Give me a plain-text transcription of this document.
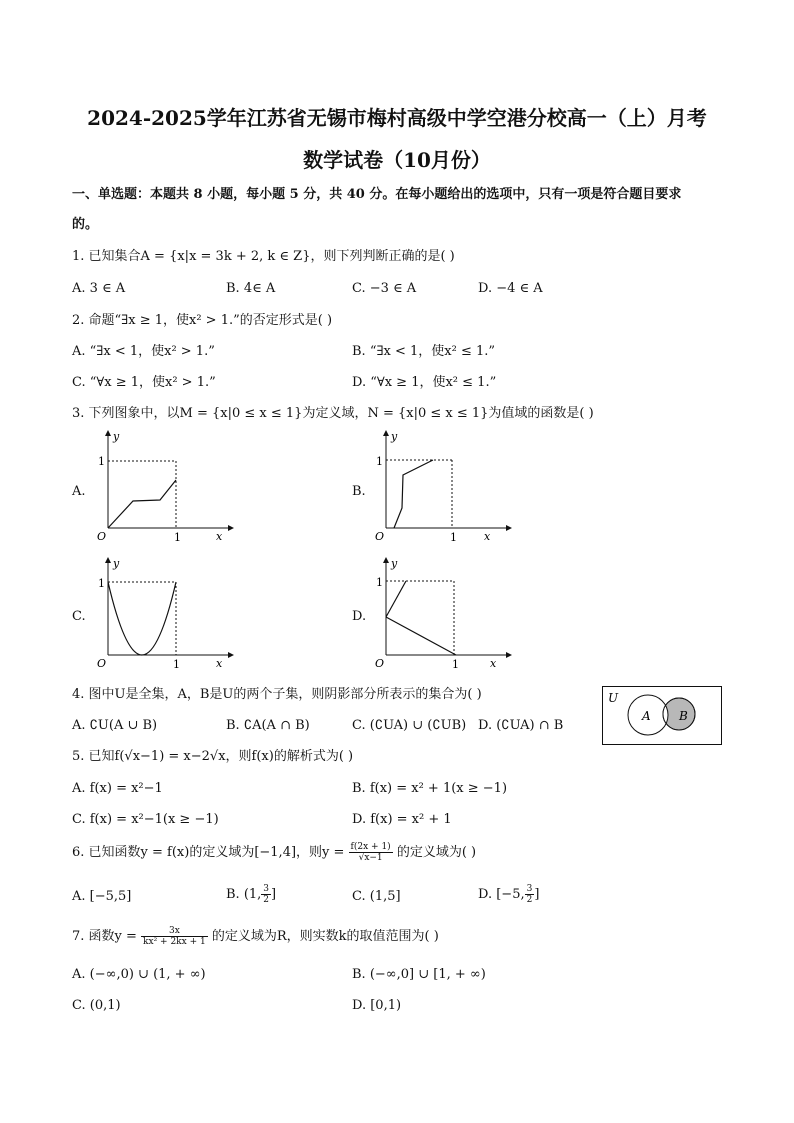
2024-2025学年江苏省无锡市梅村高级中学空港分校高一（上）月考
数学试卷（10月份）
一、单选题：本题共 8 小题，每小题 5 分，共 40 分。在每小题给出的选项中，只有一项是符合题目要求
的。
1. 已知集合A = {x|x = 3k + 2, k ∈ Z}，则下列判断正确的是( )
A. 3 ∈ A	B. 4∈ A	C. −3 ∈ A	D. −4 ∈ A
2. 命题“∃x ≥ 1，使x² > 1.”的否定形式是( )
A. “∃x < 1，使x² > 1.”	B. “∃x < 1，使x² ≤ 1.”
C. “∀x ≥ 1，使x² > 1.”	D. “∀x ≥ 1，使x² ≤ 1.”
3. 下列图象中，以M = {x|0 ≤ x ≤ 1}为定义域，N = {x|0 ≤ x ≤ 1}为值域的函数是( )
A.	B.
C.	D.
y
x
O	1
1
y
x
O	1
1
y
x
O	1
1
y
x
O	1
1
4. 图中U是全集，A，B是U的两个子集，则阴影部分所表示的集合为( )
A. ∁U(A ∪ B)	B. ∁A(A ∩ B)	C. (∁UA) ∪ (∁UB) D. (∁UA) ∩ B
U
A B
5. 已知f(√x−1) = x−2√x，则f(x)的解析式为( )
A. f(x) = x²−1	B. f(x) = x² + 1(x ≥ −1)
C. f(x) = x²−1(x ≥ −1)	D. f(x) = x² + 1
6. 已知函数y = f(x)的定义域为[−1,4]，则$y = \frac{f(2x + 1)}{√x-1}$ 的定义域为( )
A. [−5,5]	B. (1, $\frac{3}{2}$ ]	C. (1,5]	D. [−5, $\frac{3}{2}$ ]
7. 函数$y = \frac{3x}{\text{kx² + 2kx + 1}}$ 的定义域为R，则实数k的取值范围为( )
A. (−∞,0) ∪ (1, + ∞)	B. (−∞,0] ∪ [1, + ∞)
C. (0,1)	D. [0,1)
